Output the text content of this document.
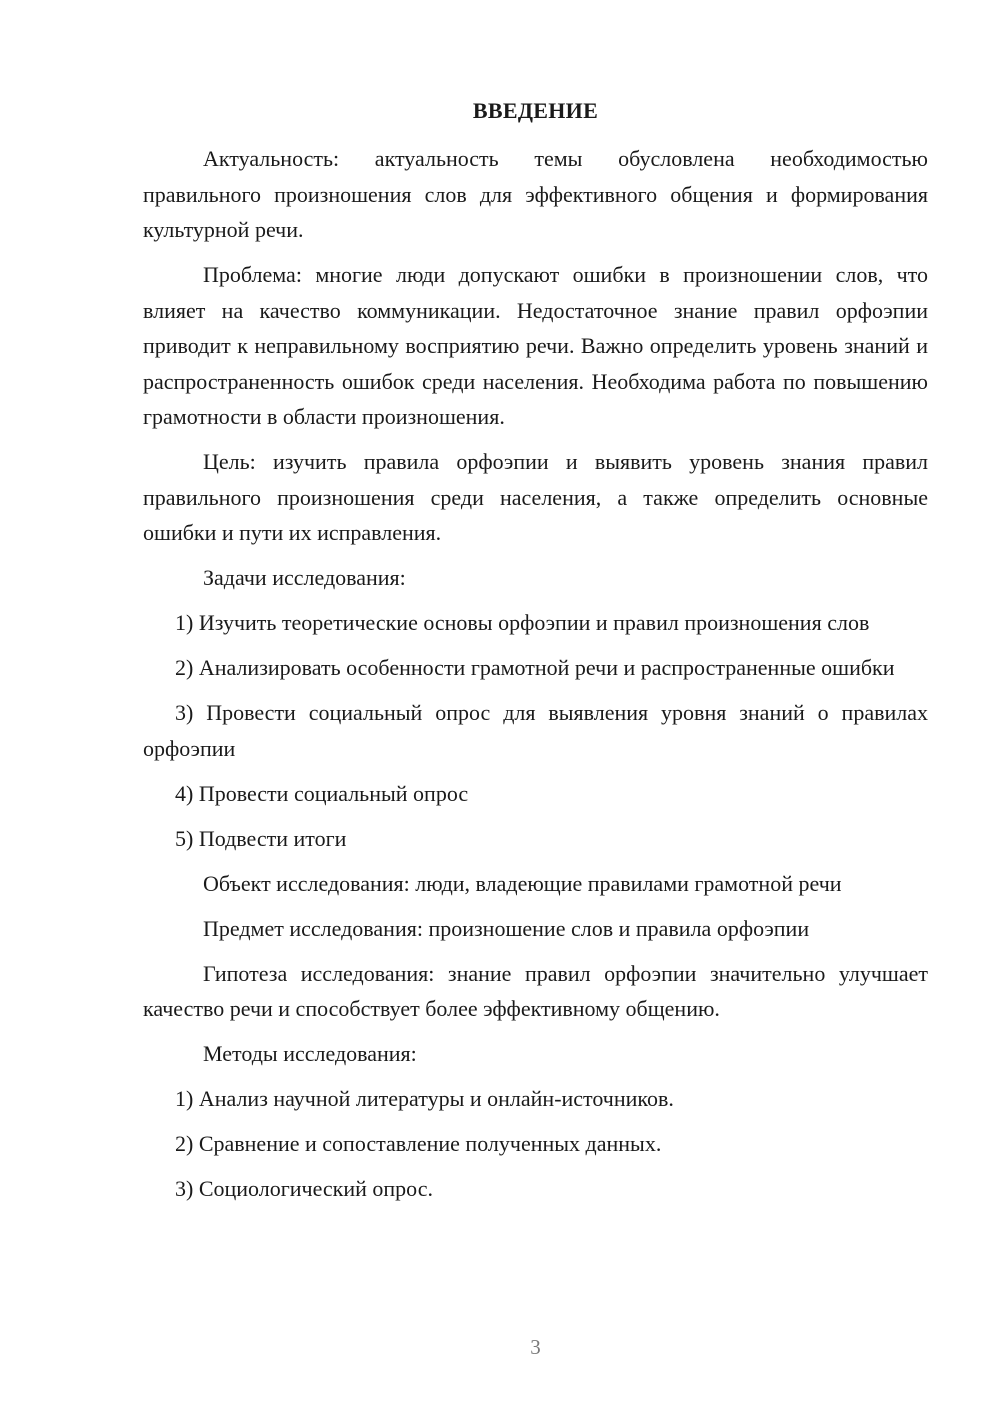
ВВЕДЕНИЕ

Актуальность: актуальность темы обусловлена необходимостью правильного произношения слов для эффективного общения и формирования культурной речи.

Проблема: многие люди допускают ошибки в произношении слов, что влияет на качество коммуникации. Недостаточное знание правил орфоэпии приводит к неправильному восприятию речи. Важно определить уровень знаний и распространенность ошибок среди населения. Необходима работа по повышению грамотности в области произношения.

Цель: изучить правила орфоэпии и выявить уровень знания правил правильного произношения среди населения, а также определить основные ошибки и пути их исправления.

Задачи исследования:

1) Изучить теоретические основы орфоэпии и правил произношения слов

2) Анализировать особенности грамотной речи и распространенные ошибки

3) Провести социальный опрос для выявления уровня знаний о правилах орфоэпии

4) Провести социальный опрос

5) Подвести итоги

Объект исследования: люди, владеющие правилами грамотной речи

Предмет исследования: произношение слов и правила орфоэпии

Гипотеза исследования: знание правил орфоэпии значительно улучшает качество речи и способствует более эффективному общению.

Методы исследования:

1) Анализ научной литературы и онлайн-источников.

2) Сравнение и сопоставление полученных данных.

3) Социологический опрос.

3
